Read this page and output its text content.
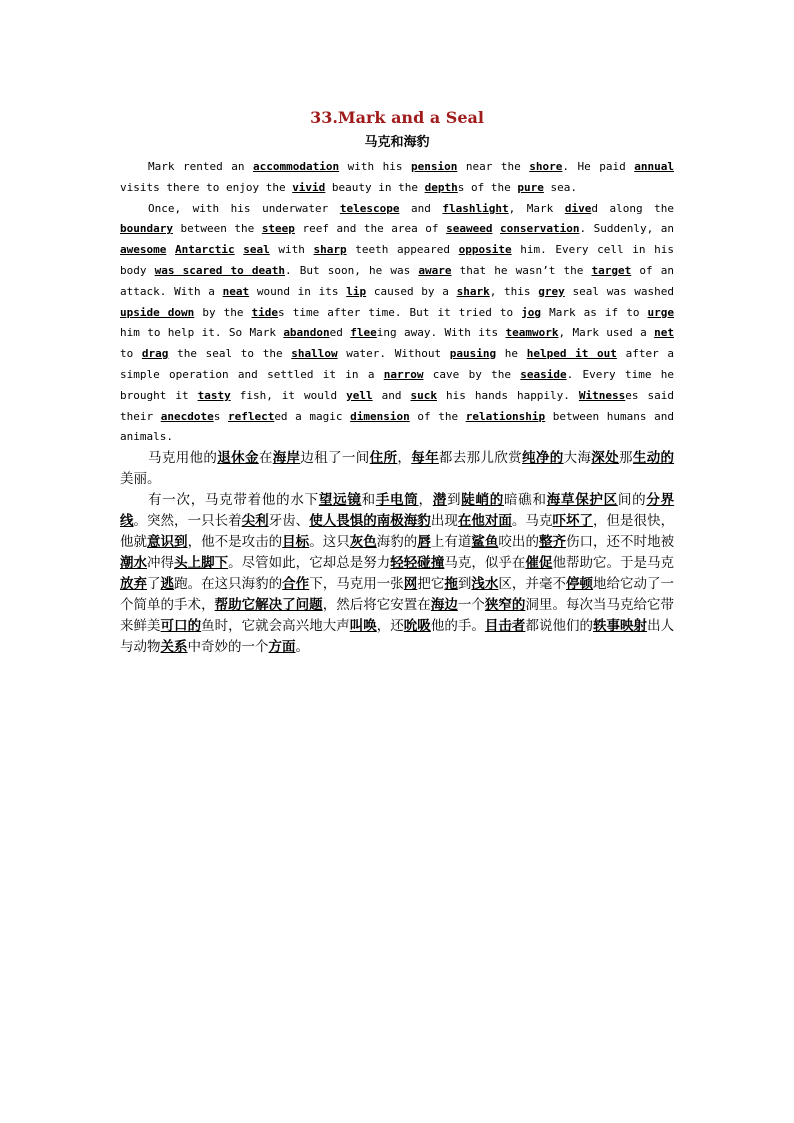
33.Mark and a Seal
马克和海豹

Mark rented an accommodation with his pension near the shore. He paid annual visits there to enjoy the vivid beauty in the depths of the pure sea.

Once, with his underwater telescope and flashlight, Mark dived along the boundary between the steep reef and the area of seaweed conservation. Suddenly, an awesome Antarctic seal with sharp teeth appeared opposite him. Every cell in his body was scared to death. But soon, he was aware that he wasn’t the target of an attack. With a neat wound in its lip caused by a shark, this grey seal was washed upside down by the tides time after time. But it tried to jog Mark as if to urge him to help it. So Mark abandoned fleeing away. With its teamwork, Mark used a net to drag the seal to the shallow water. Without pausing he helped it out after a simple operation and settled it in a narrow cave by the seaside. Every time he brought it tasty fish, it would yell and suck his hands happily. Witnesses said their anecdotes reflected a magic dimension of the relationship between humans and animals.

马克用他的退休金在海岸边租了一间住所，每年都去那儿欣赏纯净的大海深处那生动的美丽。

有一次，马克带着他的水下望远镜和手电筒，潜到陡峭的暗礁和海草保护区间的分界线。突然，一只长着尖利牙齿、使人畏惧的南极海豹出现在他对面。马克吓坏了，但是很快，他就意识到，他不是攻击的目标。这只灰色海豹的唇上有道鲨鱼咬出的整齐伤口，还不时地被潮水冲得头上脚下。尽管如此，它却总是努力轻轻碰撞马克，似乎在催促他帮助它。于是马克放弃了逃跑。在这只海豹的合作下，马克用一张网把它拖到浅水区，并毫不停顿地给它动了一个简单的手术，帮助它解决了问题，然后将它安置在海边一个狭窄的洞里。每次当马克给它带来鲜美可口的鱼时，它就会高兴地大声叫唤，还吮吸他的手。目击者都说他们的轶事映射出人与动物关系中奇妙的一个方面。
